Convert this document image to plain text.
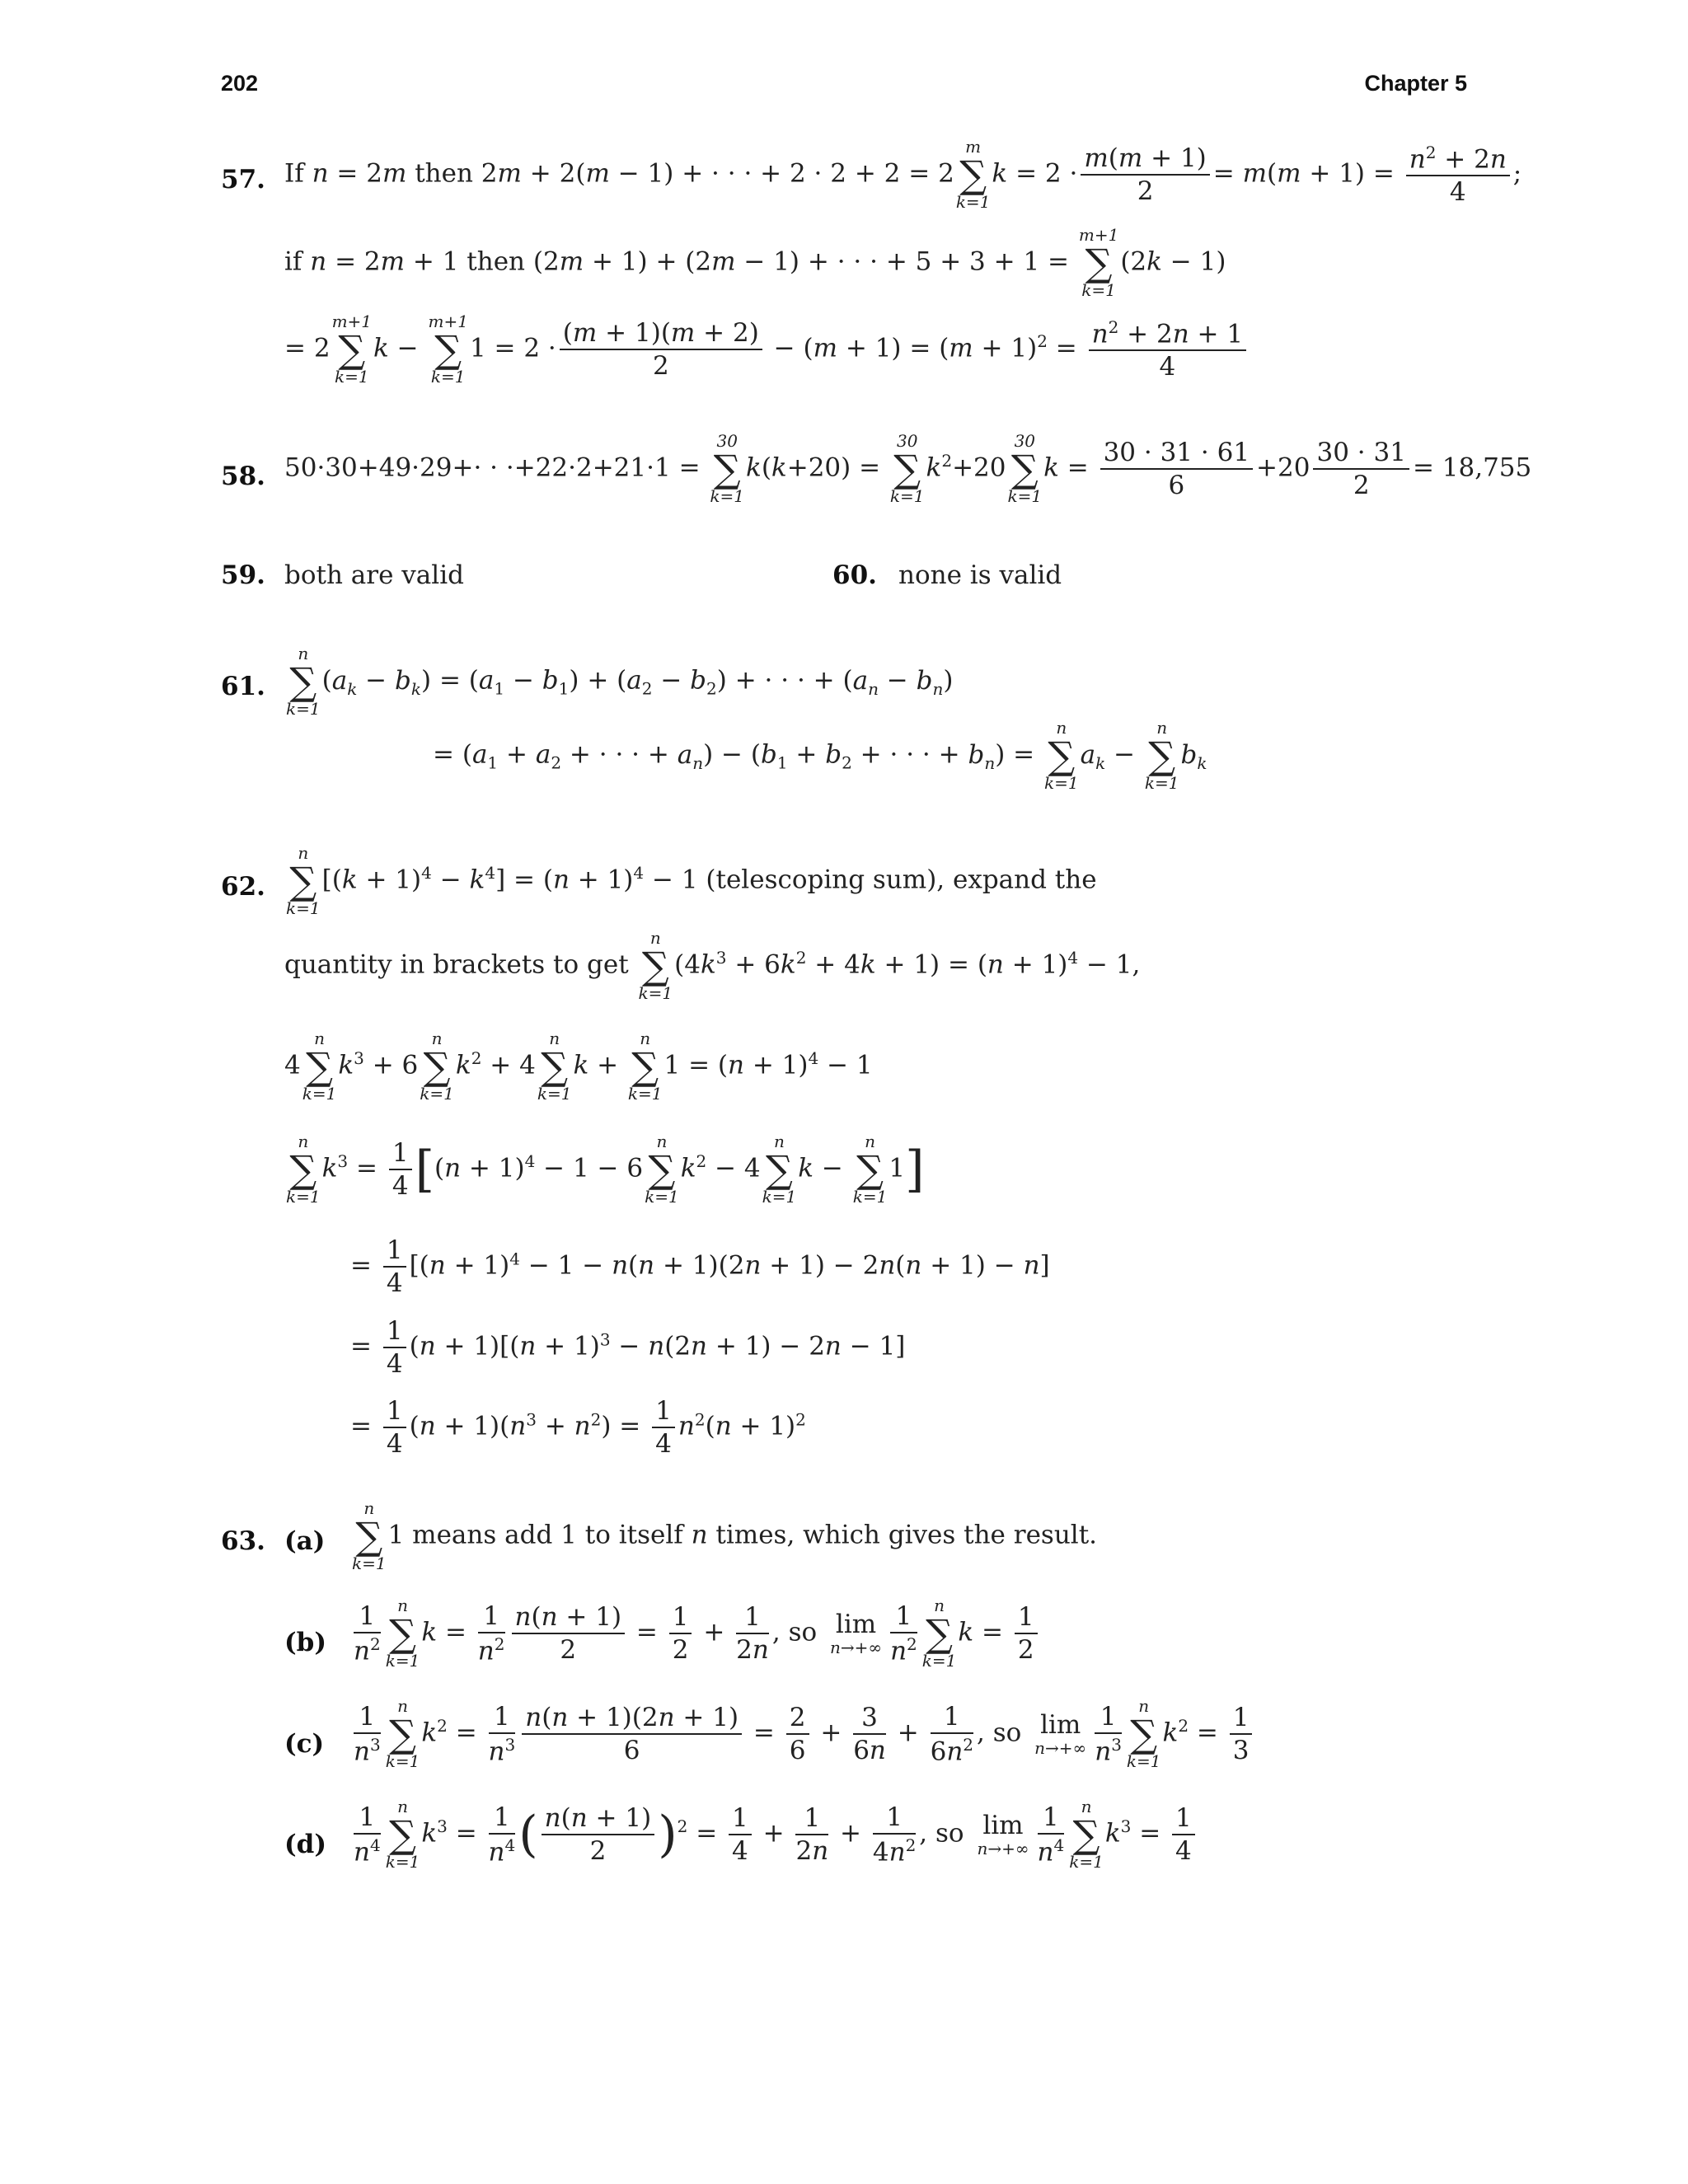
202	Chapter 5
57. If n = 2m then 2m + 2(m − 1) + · · · + 2 · 2 + 2 = 2
m
∑
k=1
$k = 2 \cdot \frac{m(m + 1)}{2} = m(m + 1) = \frac{n^2 + 2n}{4}$ ;
if n = 2m + 1 then (2m + 1) + (2m − 1) + · · · + 5 + 3 + 1 =
m+1
∑
k=1
(2k − 1)
= 2
m+1
∑
k=1
k −
m+1
∑
k=1
$1 = 2 \cdot \frac{(m + 1)(m + 2)}{2} - (m + 1) = (m + 1)^2 = \frac{n^2 + 2n + 1}{4}$
58. 50·30+49·29+· · ·+22·2+21·1 =
30
∑
k=1
k(k+20) =
30
∑
k=1
$k^2+20$
30
∑
k=1
$k = \frac{30 \cdot 31 \cdot 61}{6} +20 \frac{30 \cdot 31}{2} = 18,755$
59. both are valid	60. none is valid
61.
n
∑
k=1
$(a_k - b_k) = (a_1 - b_1) + (a_2 - b_2)$ + · · · + $(a_n - b_n)$
= ($a_1 + a_2$ + · · · + $a_n) - (b_1 + b_2$ + · · · + $b_n$) =
n
∑
k=1
$a_k$ −
n
∑
k=1
$b_k$
62.
n
∑
k=1
$[(k + 1)^4 - k^4] = (n + 1)^4 - 1$ (telescoping sum), expand the
quantity in brackets to get
n
∑
k=1
$(4k^3 + 6k^2 + 4k + 1) = (n + 1)^4 - 1$,
4
n
∑
k=1
$k^3 + 6$
n
∑
k=1
$k^2 + 4$
n
∑
k=1
k +
n
∑
k=1
$1 = (n + 1)^4 - 1$
n
∑
k=1
$k^3 = \frac{1}{4} [(n + 1)^4 - 1 - 6$
n
∑
k=1
$k^2 - 4$
n
∑
k=1
k −
n
∑
k=1
1]
= $\frac{1}{4} [(n + 1)^4 - 1 - n(n + 1)(2n + 1) - 2n(n + 1) - n]$
= $\frac{1}{4} (n + 1)[(n + 1)^3 - n(2n + 1) - 2n - 1]$
= $\frac{1}{4} (n + 1)(n^3 + n^2) = \frac{1}{4} n^2(n + 1)^2$
63. (a)
n
∑
k=1
1 means add 1 to itself n times, which gives the result.
$(b) \frac{1}{n^2}$	n
∑
k=1
$k = \frac{1}{n^2} \frac{n(n + 1)}{2} = \frac{1}{2} + \frac{1}{2n}$ , so lim
$n\to+\infty \frac{1}{n^2}$	n
∑
k=1
$k = \frac{1}{2}$
$(c) \frac{1}{n^3}$	n
∑
k=1
$k^2 = \frac{1}{n^3} \frac{n(n + 1)(2n + 1)}{6} = \frac{2}{6} + \frac{3}{6n} + \frac{1}{6n^2}$ , so lim
$n\to+\infty \frac{1}{n^3}$	n
∑
k=1
$k^2 = \frac{1}{3}$
$(d) \frac{1}{n^4}$	n
∑
k=1
$k^3 = \frac{1}{n^4}$ ( $\frac{n(n + 1)}{2} )^2 = \frac{1}{4} + \frac{1}{2n} + \frac{1}{4n^2}$ , so lim
$n\to+\infty \frac{1}{n^4}$	n
∑
k=1
$k^3 = \frac{1}{4}$
